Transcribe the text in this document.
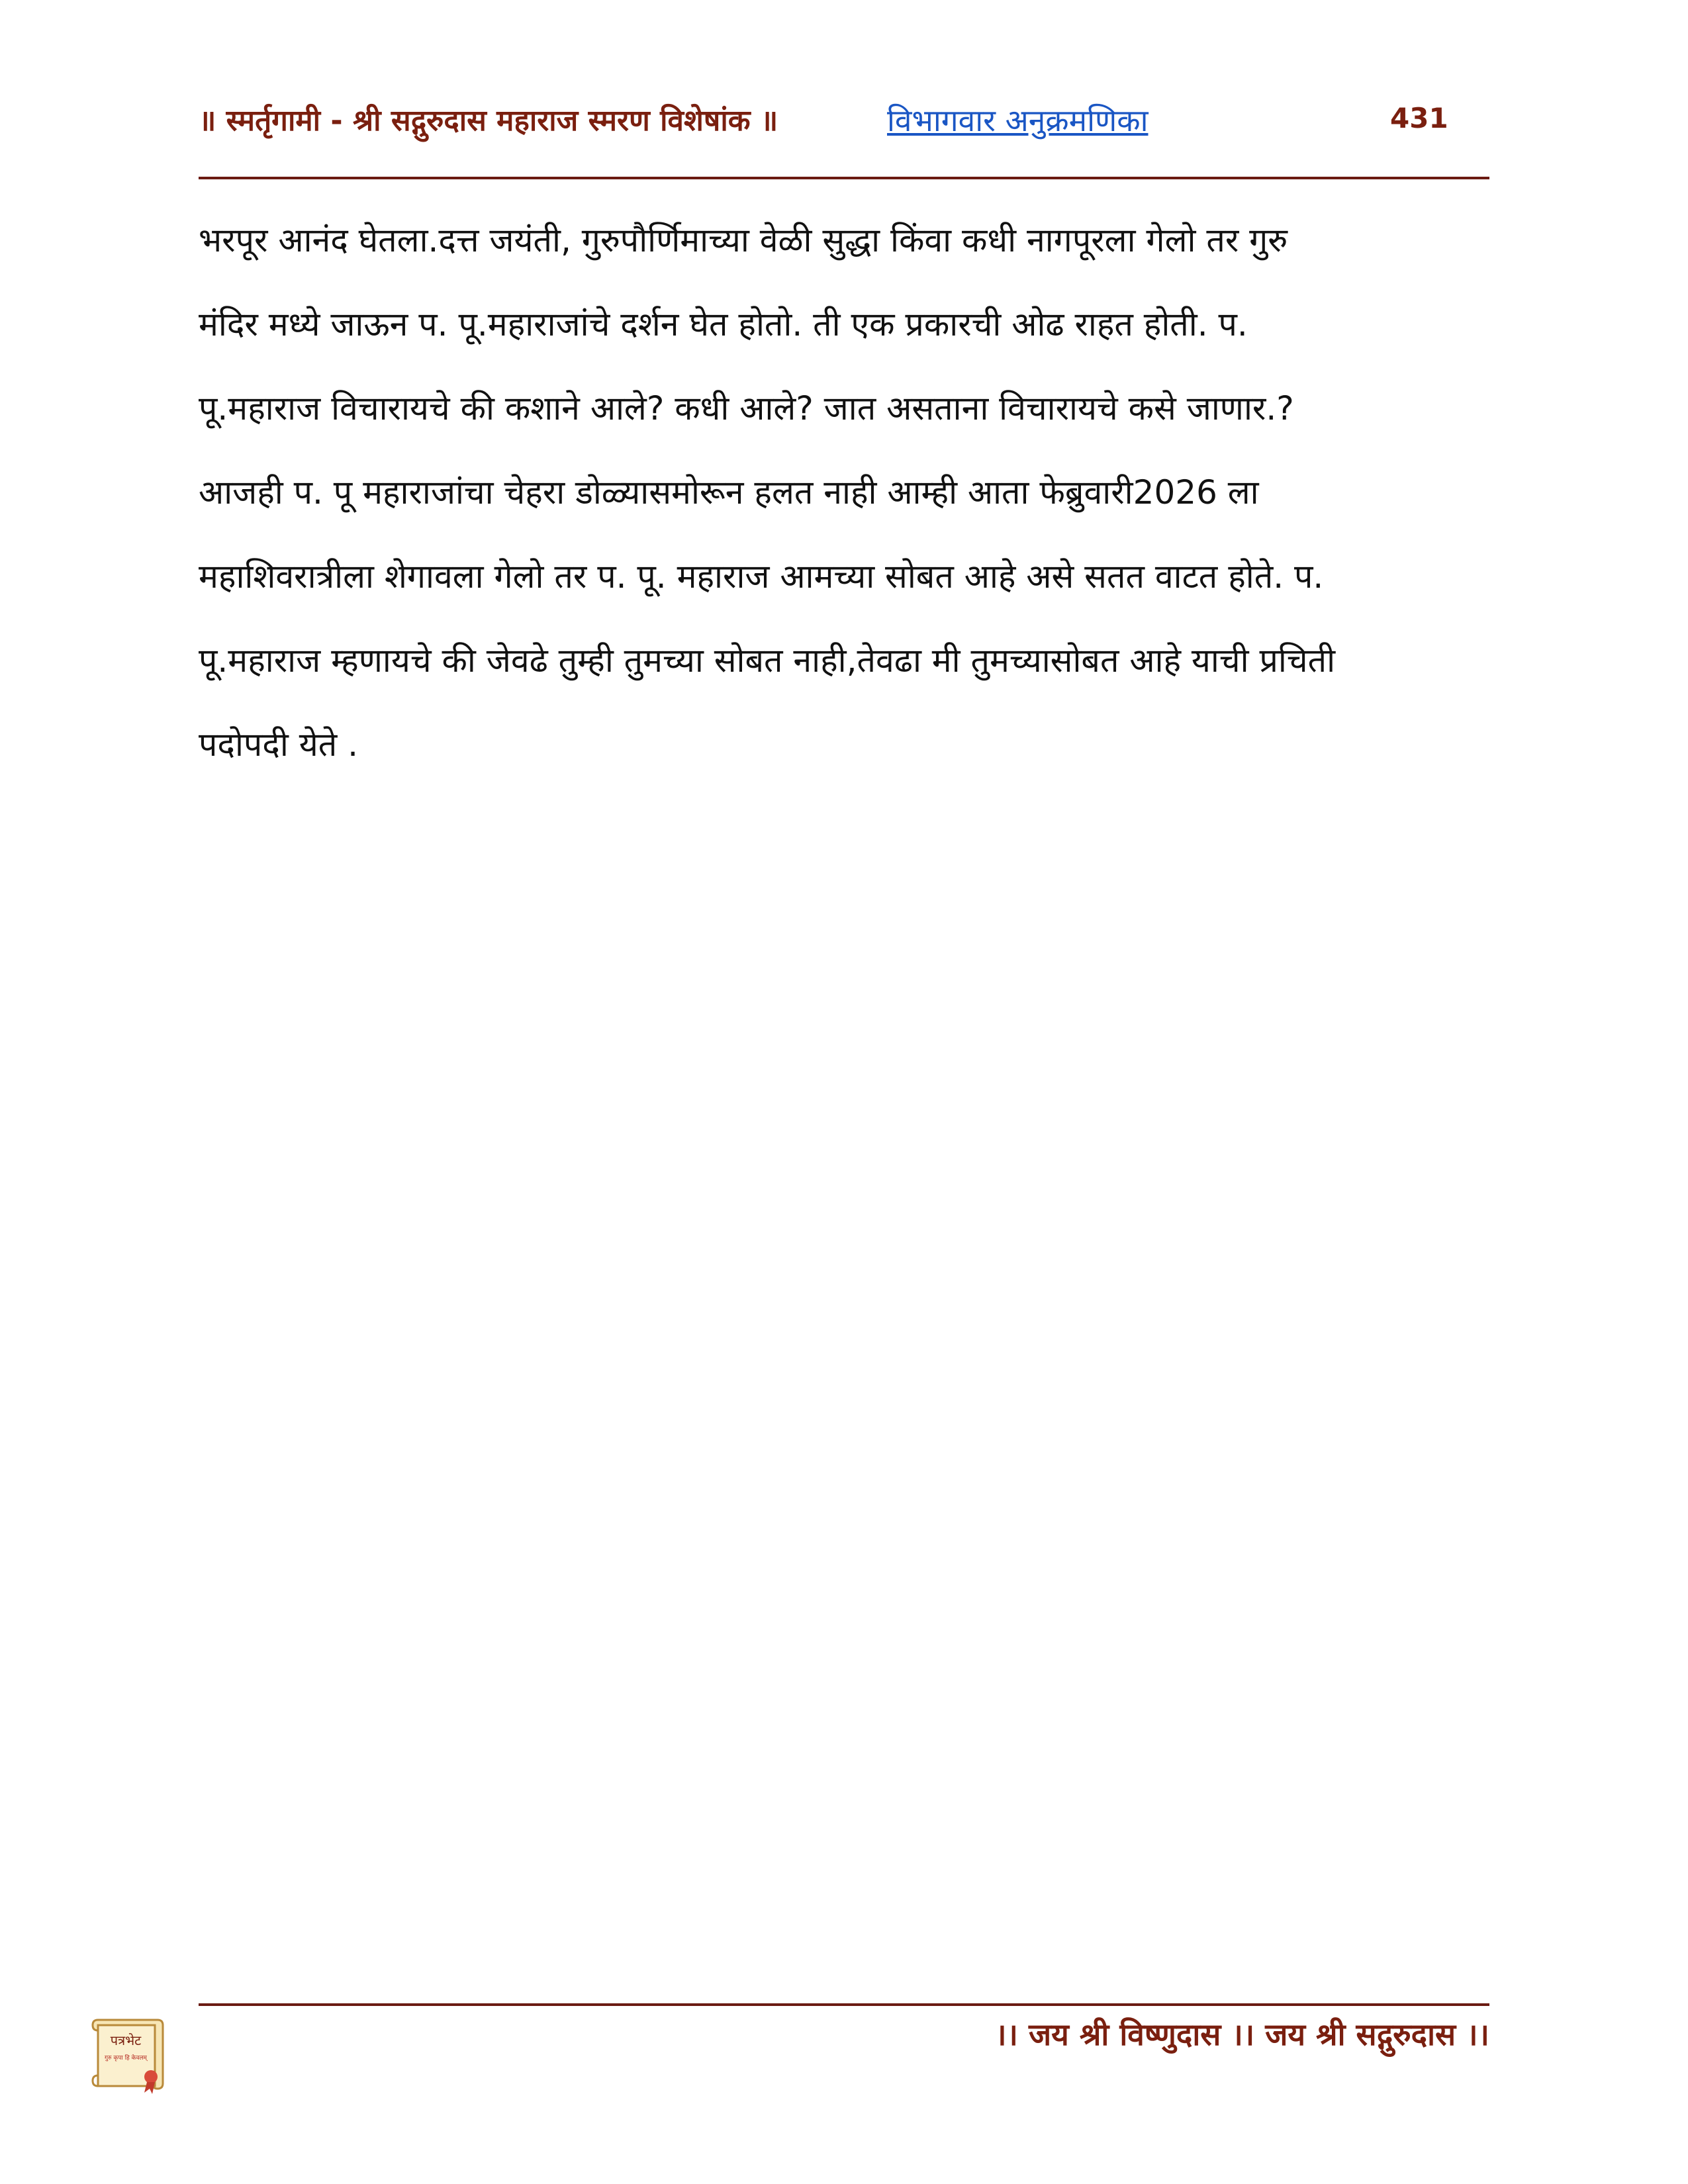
॥ स्मर्तृगामी - श्री सद्गुरुदास महाराज स्मरण विशेषांक ॥	विभागवार अनुक्रमणिका	431
भरपूर आनंद घेतला.दत्त जयंती, गुरुपौर्णिमाच्या वेळी सुद्धा किंवा कधी नागपूरला गेलो तर गुरु
मंदिर मध्ये जाऊन प. पू.महाराजांचे दर्शन घेत होतो. ती एक प्रकारची ओढ राहत होती. प.
पू.महाराज विचारायचे की कशाने आले? कधी आले? जात असताना विचारायचे कसे जाणार.?
आजही प. पू महाराजांचा चेहरा डोळ्यासमोरून हलत नाही आम्ही आता फेब्रुवारी2026 ला
महाशिवरात्रीला शेगावला गेलो तर प. पू. महाराज आमच्या सोबत आहे असे सतत वाटत होते. प.
पू.महाराज म्हणायचे की जेवढे तुम्ही तुमच्या सोबत नाही,तेवढा मी तुमच्यासोबत आहे याची प्रचिती
पदोपदी येते .
पत्रभेट
गुरु कृपा हि केवलम्
।। जय श्री विष्णुदास ।। जय श्री सद्गुरुदास ।।
